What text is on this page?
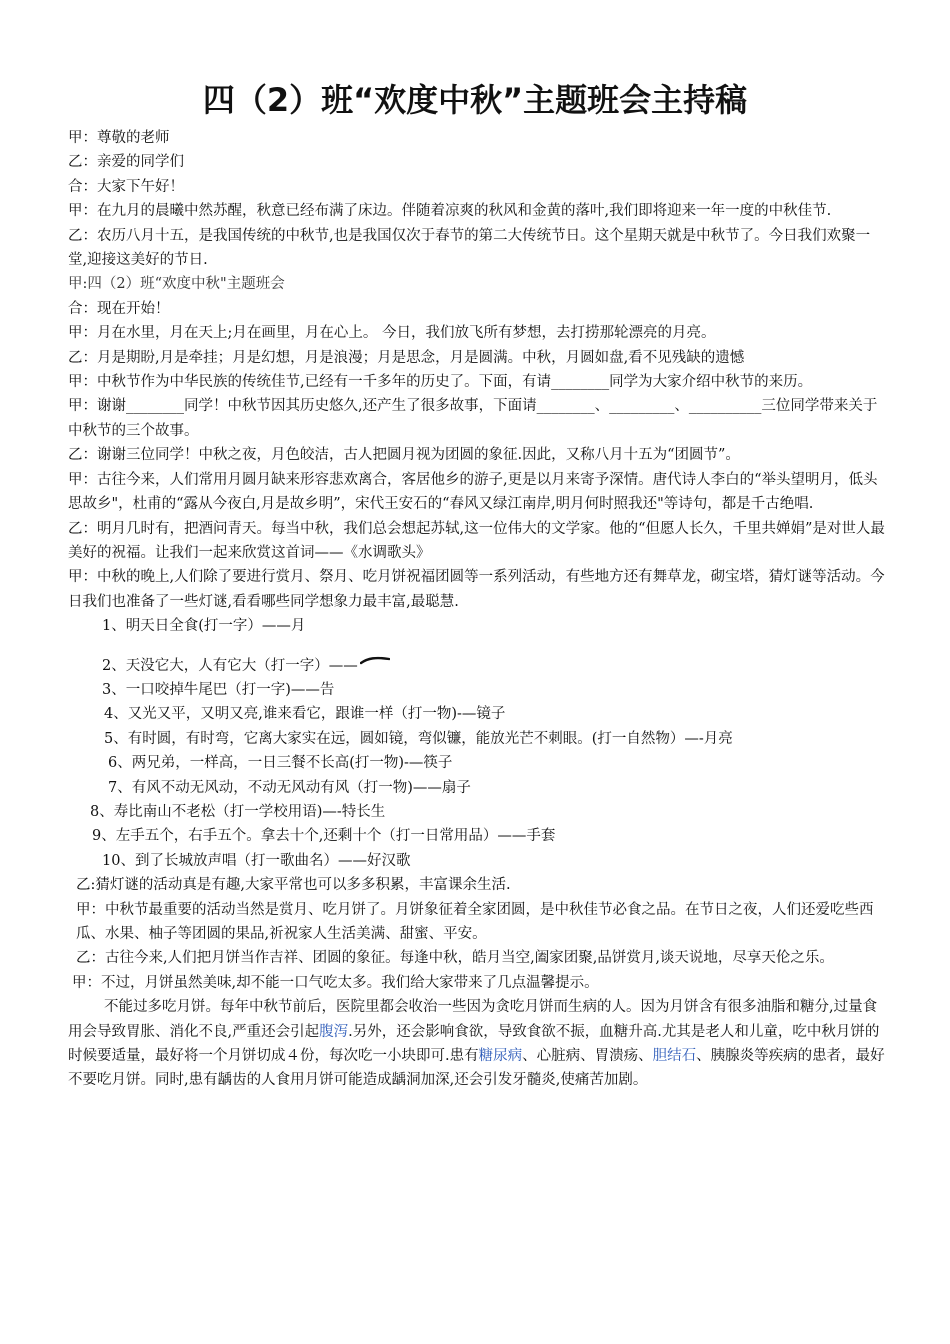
四（2）班“欢度中秋”主题班会主持稿

甲：尊敬的老师

乙：亲爱的同学们

合：大家下午好！

甲：在九月的晨曦中然苏醒，秋意已经布满了床边。伴随着凉爽的秋风和金黄的落叶,我们即将迎来一年一度的中秋佳节.

乙：农历八月十五，是我国传统的中秋节,也是我国仅次于春节的第二大传统节日。这个星期天就是中秋节了。今日我们欢聚一堂,迎接这美好的节日.

甲:四（2）班“欢度中秋"主题班会

合：现在开始！

甲：月在水里，月在天上;月在画里，月在心上。 今日，我们放飞所有梦想，去打捞那轮漂亮的月亮。

乙：月是期盼,月是牵挂；月是幻想，月是浪漫；月是思念，月是圆满。中秋，月圆如盘,看不见残缺的遗憾

甲：中秋节作为中华民族的传统佳节,已经有一千多年的历史了。下面，有请________同学为大家介绍中秋节的来历。

甲：谢谢________同学！中秋节因其历史悠久,还产生了很多故事，下面请________、_________、__________三位同学带来关于中秋节的三个故事。

乙：谢谢三位同学！中秋之夜，月色皎洁，古人把圆月视为团圆的象征.因此，又称八月十五为“团圆节”。

甲：古往今来，人们常用月圆月缺来形容悲欢离合，客居他乡的游子,更是以月来寄予深情。唐代诗人李白的“举头望明月，低头思故乡"，杜甫的“露从今夜白,月是故乡明”，宋代王安石的“春风又绿江南岸,明月何时照我还"等诗句，都是千古绝唱.

乙：明月几时有，把酒问青天。每当中秋，我们总会想起苏轼,这一位伟大的文学家。他的“但愿人长久，千里共婵娟”是对世人最美好的祝福。让我们一起来欣赏这首词——《水调歌头》

甲：中秋的晚上,人们除了要进行赏月、祭月、吃月饼祝福团圆等一系列活动，有些地方还有舞草龙，砌宝塔，猜灯谜等活动。今日我们也准备了一些灯谜,看看哪些同学想象力最丰富,最聪慧.

1、明天日全食(打一字）——月

2、天没它大，人有它大（打一字）——

3、一口咬掉牛尾巴（打一字)——告

4、又光又平，又明又亮,谁来看它，跟谁一样（打一物)-—镜子

5、有时圆，有时弯，它离大家实在远，圆如镜，弯似镰，能放光芒不刺眼。(打一自然物）—-月亮

6、两兄弟，一样高，一日三餐不长高(打一物)-—筷子

7、有风不动无风动，不动无风动有风（打一物)——扇子

8、寿比南山不老松（打一学校用语)—-特长生

9、左手五个，右手五个。拿去十个,还剩十个（打一日常用品）——手套

10、到了长城放声唱（打一歌曲名）——好汉歌

乙:猜灯谜的活动真是有趣,大家平常也可以多多积累，丰富课余生活.

甲：中秋节最重要的活动当然是赏月、吃月饼了。月饼象征着全家团圆，是中秋佳节必食之品。在节日之夜，人们还爱吃些西瓜、水果、柚子等团圆的果品,祈祝家人生活美满、甜蜜、平安。

乙：古往今来,人们把月饼当作吉祥、团圆的象征。每逢中秋，皓月当空,阖家团聚,品饼赏月,谈天说地，尽享天伦之乐。

甲：不过，月饼虽然美味,却不能一口气吃太多。我们给大家带来了几点温馨提示。

不能过多吃月饼。每年中秋节前后，医院里都会收治一些因为贪吃月饼而生病的人。因为月饼含有很多油脂和糖分,过量食用会导致胃胀、消化不良,严重还会引起腹泻.另外，还会影响食欲，导致食欲不振，血糖升高.尤其是老人和儿童，吃中秋月饼的时候要适量，最好将一个月饼切成４份，每次吃一小块即可.患有糖尿病、心脏病、胃溃疡、胆结石、胰腺炎等疾病的患者，最好不要吃月饼。同时,患有龋齿的人食用月饼可能造成龋洞加深,还会引发牙髓炎,使痛苦加剧。
